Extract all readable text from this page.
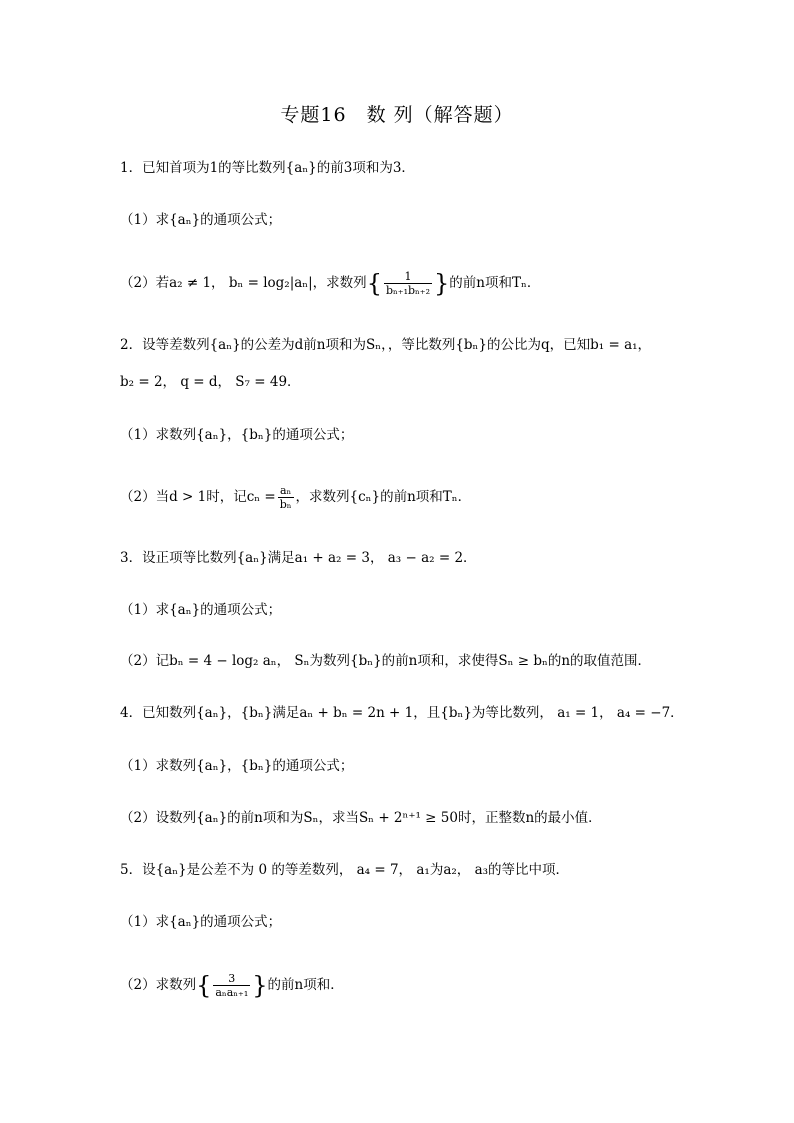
专题16　数 列（解答题）
1．已知首项为1的等比数列{aₙ}的前3项和为3．
（1）求{aₙ}的通项公式；
（2）若a₂ ≠ 1， bₙ = log₂|aₙ|，求数列{ $\frac{1}{\text{bₙ₊₁bₙ₊₂}}$ }的前n项和Tₙ．
2．设等差数列{aₙ}的公差为d前n项和为Sₙ，，等比数列{bₙ}的公比为q，已知b₁ = a₁，
b₂ = 2， q = d， S₇ = 49．
（1）求数列{aₙ}，{bₙ}的通项公式；
（2）当d > 1时，记$c_n = \frac{\text{aₙ}}{\text{bₙ}}$ ，求数列{cₙ}的前n项和Tₙ．
3．设正项等比数列{aₙ}满足a₁ + a₂ = 3， a₃ − a₂ = 2．
（1）求{aₙ}的通项公式；
（2）记bₙ = 4 − log₂ aₙ， Sₙ为数列{bₙ}的前n项和，求使得Sₙ ≥ bₙ的n的取值范围．
4．已知数列{aₙ}，{bₙ}满足aₙ + bₙ = 2n + 1，且{bₙ}为等比数列， a₁ = 1， a₄ = −7．
（1）求数列{aₙ}，{bₙ}的通项公式；
（2）设数列{aₙ}的前n项和为Sₙ，求当Sₙ + 2ⁿ⁺¹ ≥ 50时，正整数n的最小值．
5．设{aₙ}是公差不为 0 的等差数列， a₄ = 7， a₁为a₂， a₃的等比中项．
（1）求{aₙ}的通项公式；
（2）求数列{ $\frac{3}{\text{aₙaₙ₊₁}}$ }的前n项和．
